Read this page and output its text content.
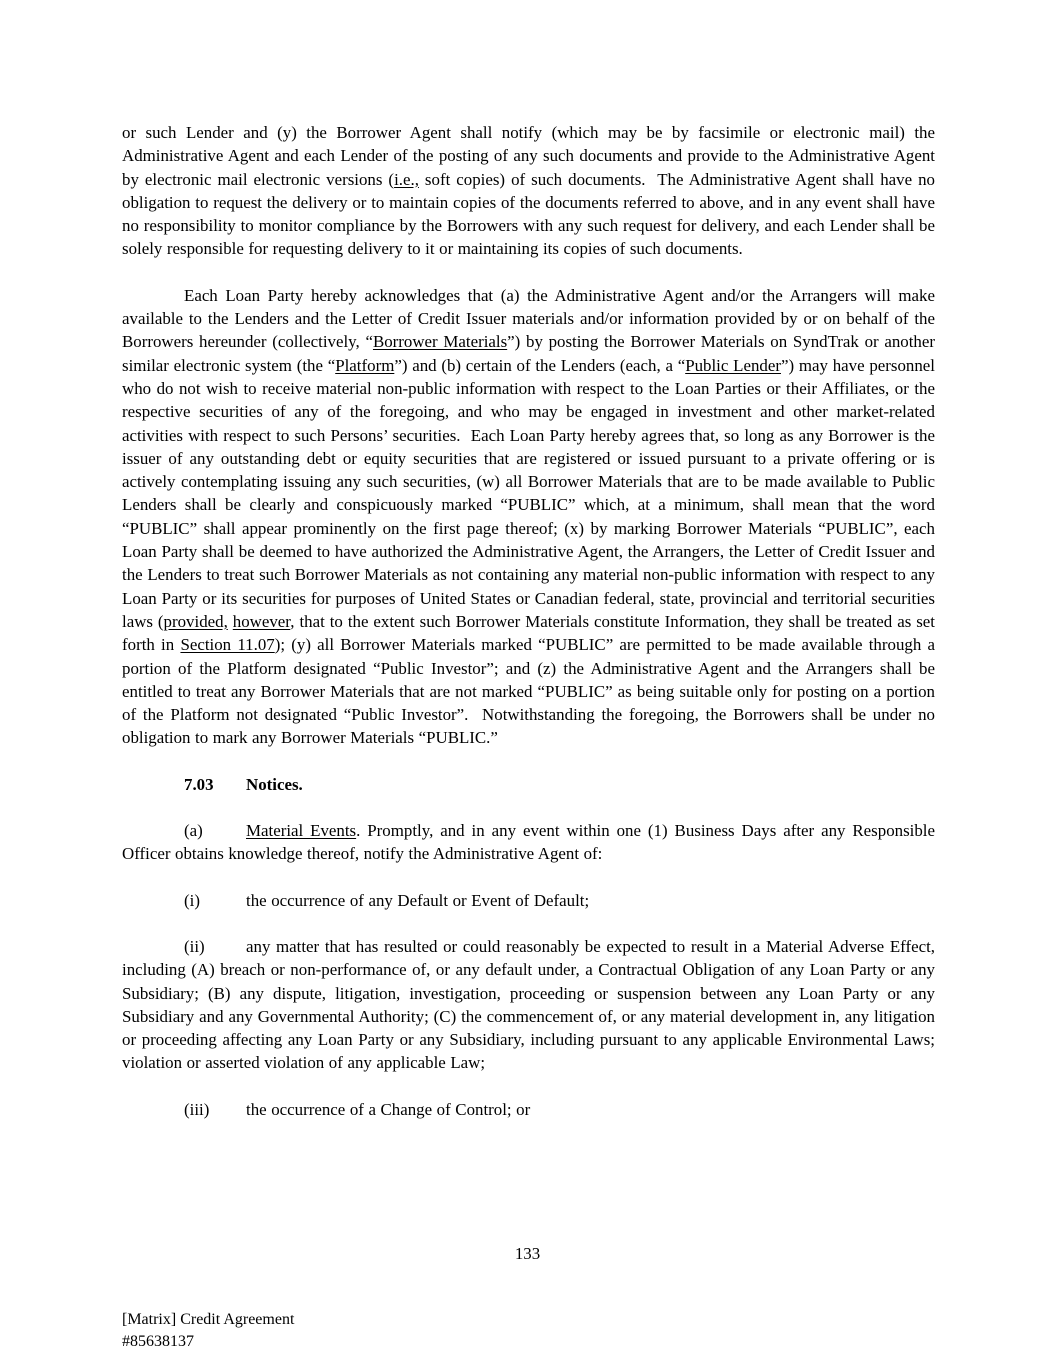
or such Lender and (y) the Borrower Agent shall notify (which may be by facsimile or electronic mail) the Administrative Agent and each Lender of the posting of any such documents and provide to the Administrative Agent by electronic mail electronic versions (i.e., soft copies) of such documents.  The Administrative Agent shall have no obligation to request the delivery or to maintain copies of the documents referred to above, and in any event shall have no responsibility to monitor compliance by the Borrowers with any such request for delivery, and each Lender shall be solely responsible for requesting delivery to it or maintaining its copies of such documents.

Each Loan Party hereby acknowledges that (a) the Administrative Agent and/or the Arrangers will make available to the Lenders and the Letter of Credit Issuer materials and/or information provided by or on behalf of the Borrowers hereunder (collectively, “Borrower Materials”) by posting the Borrower Materials on SyndTrak or another similar electronic system (the “Platform”) and (b) certain of the Lenders (each, a “Public Lender”) may have personnel who do not wish to receive material non-public information with respect to the Loan Parties or their Affiliates, or the respective securities of any of the foregoing, and who may be engaged in investment and other market-related activities with respect to such Persons’ securities.  Each Loan Party hereby agrees that, so long as any Borrower is the issuer of any outstanding debt or equity securities that are registered or issued pursuant to a private offering or is actively contemplating issuing any such securities, (w) all Borrower Materials that are to be made available to Public Lenders shall be clearly and conspicuously marked “PUBLIC” which, at a minimum, shall mean that the word “PUBLIC” shall appear prominently on the first page thereof; (x) by marking Borrower Materials “PUBLIC”, each Loan Party shall be deemed to have authorized the Administrative Agent, the Arrangers, the Letter of Credit Issuer and the Lenders to treat such Borrower Materials as not containing any material non-public information with respect to any Loan Party or its securities for purposes of United States or Canadian federal, state, provincial and territorial securities laws (provided, however, that to the extent such Borrower Materials constitute Information, they shall be treated as set forth in Section 11.07); (y) all Borrower Materials marked “PUBLIC” are permitted to be made available through a portion of the Platform designated “Public Investor”; and (z) the Administrative Agent and the Arrangers shall be entitled to treat any Borrower Materials that are not marked “PUBLIC” as being suitable only for posting on a portion of the Platform not designated “Public Investor”.  Notwithstanding the foregoing, the Borrowers shall be under no obligation to mark any Borrower Materials “PUBLIC.”

7.03 Notices.

(a)	Material Events. Promptly, and in any event within one (1) Business Days after any Responsible Officer obtains knowledge thereof, notify the Administrative Agent of:

(i)	the occurrence of any Default or Event of Default;

(ii) any matter that has resulted or could reasonably be expected to result in a Material Adverse Effect, including (A) breach or non-performance of, or any default under, a Contractual Obligation of any Loan Party or any Subsidiary; (B) any dispute, litigation, investigation, proceeding or suspension between any Loan Party or any Subsidiary and any Governmental Authority; (C) the commencement of, or any material development in, any litigation or proceeding affecting any Loan Party or any Subsidiary, including pursuant to any applicable Environmental Laws; violation or asserted violation of any applicable Law;

(iii) the occurrence of a Change of Control; or

133
[Matrix] Credit Agreement
#85638137
